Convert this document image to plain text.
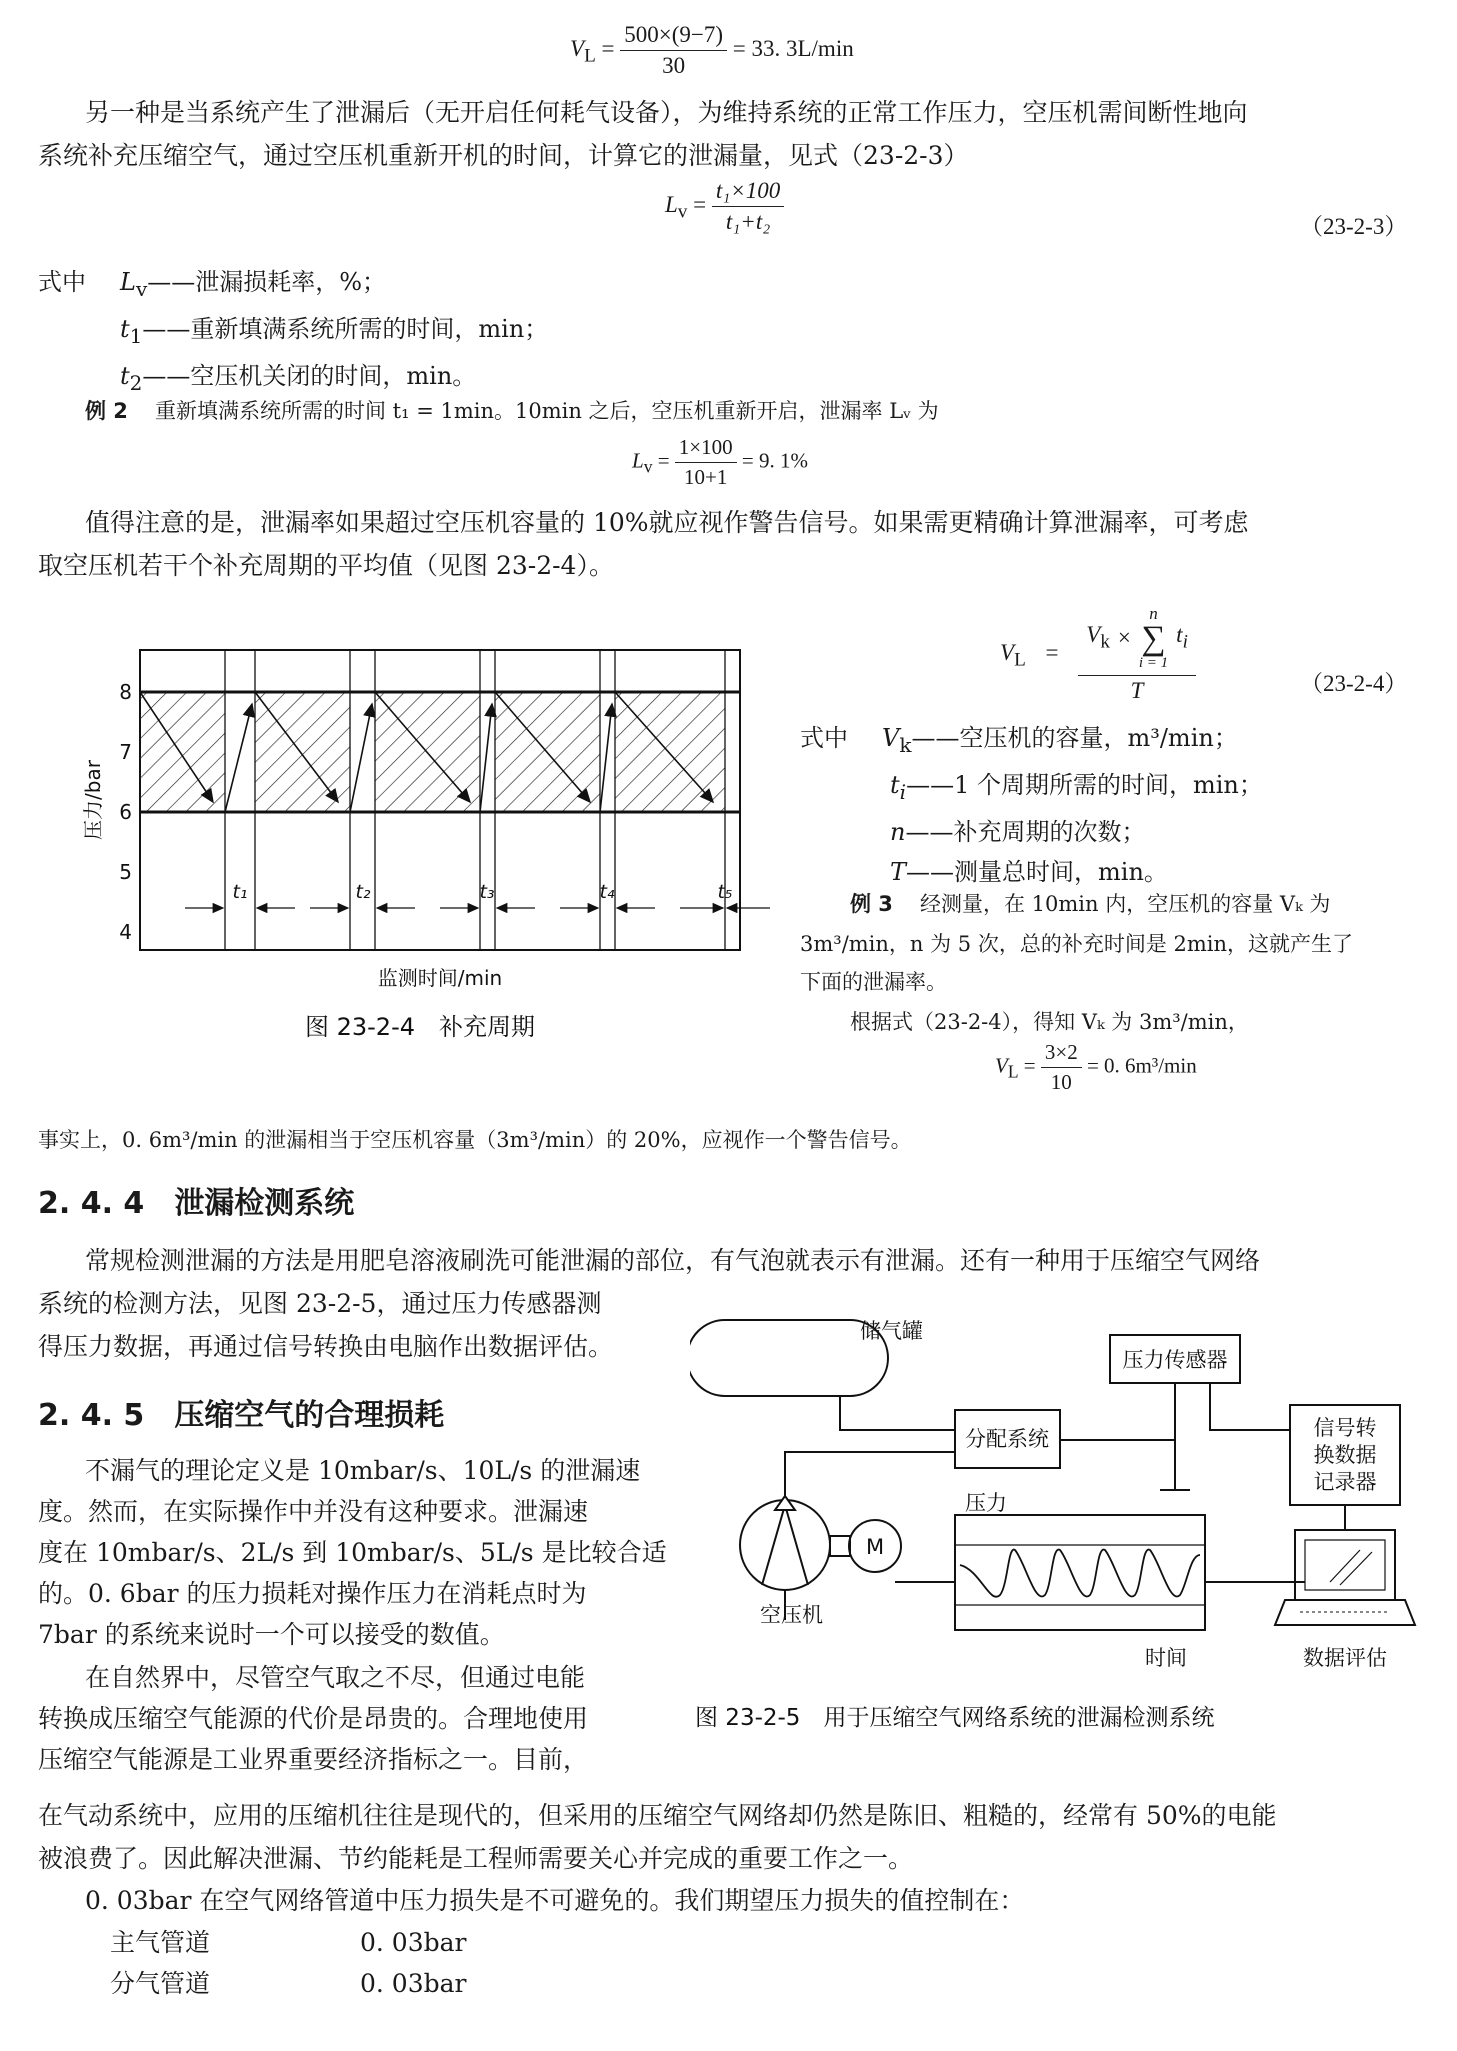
$V_L = \frac{500\times(9-7)}{30} = 33$. 3L/min
另一种是当系统产生了泄漏后（无开启任何耗气设备），为维持系统的正常工作压力，空压机需间断性地向
系统补充压缩空气，通过空压机重新开机的时间，计算它的泄漏量，见式（23-2-3）
$L_v = \frac{\text{t₁×100}}{\text{t₁+t₂}}$	（23-2-3）
式中 $L_v——$泄漏损耗率，%；
$t_1——$重新填满系统所需的时间，min；
$t_2——$空压机关闭的时间，min。
例 2 重新填满系统所需的时间 t₁ = 1min。10min 之后，空压机重新开启，泄漏率 Lᵥ 为
$L_v = \frac{1\times 100}{10+1} = 9$. 1%
值得注意的是，泄漏率如果超过空压机容量的 10%就应视作警告信号。如果需更精确计算泄漏率，可考虑
取空压机若干个补充周期的平均值（见图 23-2-4）。
8
7
6
5
4
压力/bar
t₁	t₂	t₃	t₄	t₅
监测时间/min
图 23-2-4　补充周期
$V_L$ =
$V_k$ ×
n
∑
i = 1
$t_i$
T	（23-2-4）
式中	$V_k——$空压机的容量，m³/min；
$t_i——1$ 个周期所需的时间，min；
n——补充周期的次数；
T——测量总时间，min。
例 3 经测量，在 10min 内，空压机的容量 Vₖ 为
3m³/min，n 为 5 次，总的补充时间是 2min，这就产生了
下面的泄漏率。
根据式（23-2-4），得知 Vₖ 为 3m³/min，
$V_L = \frac{3\times 2}{10} = 0$. 6m³/min
事实上，0. 6m³/min 的泄漏相当于空压机容量（3m³/min）的 20%，应视作一个警告信号。
2. 4. 4 泄漏检测系统
常规检测泄漏的方法是用肥皂溶液刷洗可能泄漏的部位，有气泡就表示有泄漏。还有一种用于压缩空气网络
系统的检测方法，见图 23-2-5，通过压力传感器测
得压力数据，再通过信号转换由电脑作出数据评估。
2. 4. 5 压缩空气的合理损耗
不漏气的理论定义是 10mbar/s、10L/s 的泄漏速
度。然而，在实际操作中并没有这种要求。泄漏速
度在 10mbar/s、2L/s 到 10mbar/s、5L/s 是比较合适
的。0. 6bar 的压力损耗对操作压力在消耗点时为
7bar 的系统来说时一个可以接受的数值。
在自然界中，尽管空气取之不尽，但通过电能
转换成压缩空气能源的代价是昂贵的。合理地使用
压缩空气能源是工业界重要经济指标之一。目前，
在气动系统中，应用的压缩机往往是现代的，但采用的压缩空气网络却仍然是陈旧、粗糙的，经常有 50%的电能
被浪费了。因此解决泄漏、节约能耗是工程师需要关心并完成的重要工作之一。
0. 03bar 在空气网络管道中压力损失是不可避免的。我们期望压力损失的值控制在：
主气管道	0. 03bar
分气管道	0. 03bar
储气罐
压力传感器
分配系统	信号转
换数据
记录器
M
空压机
压力
时间	数据评估
图 23-2-5　用于压缩空气网络系统的泄漏检测系统
